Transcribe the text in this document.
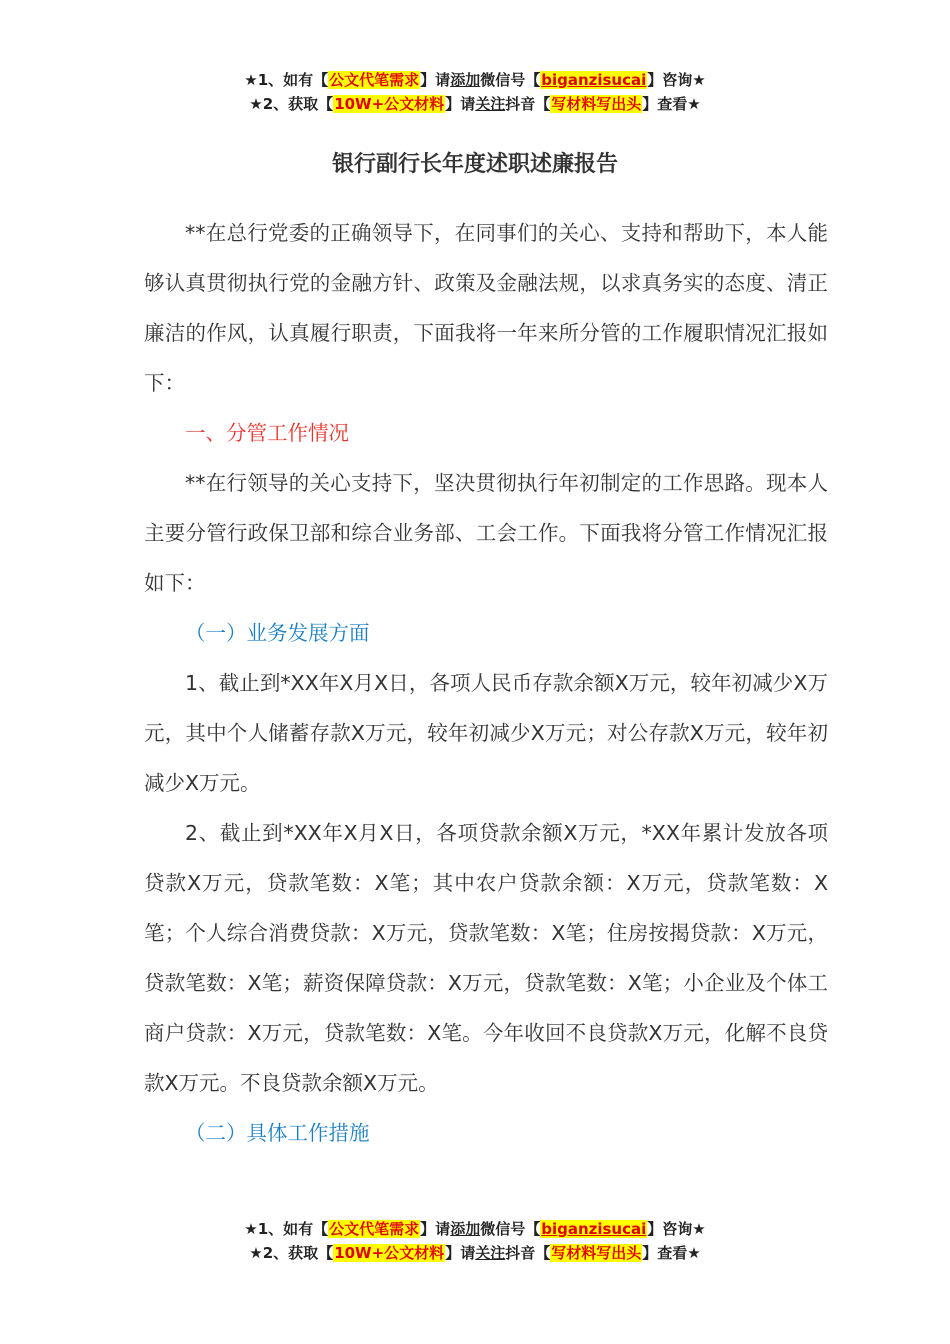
★1、如有【公文代笔需求】请添加微信号【biganzisucai】咨询★
★2、获取【10W+公文材料】请关注抖音【写材料写出头】查看★
银行副行长年度述职述廉报告

**在总行党委的正确领导下，在同事们的关心、支持和帮助下，本人能够认真贯彻执行党的金融方针、政策及金融法规，以求真务实的态度、清正廉洁的作风，认真履行职责，下面我将一年来所分管的工作履职情况汇报如下：

一、分管工作情况

**在行领导的关心支持下，坚决贯彻执行年初制定的工作思路。现本人主要分管行政保卫部和综合业务部、工会工作。下面我将分管工作情况汇报如下：

（一）业务发展方面

1、截止到*XX年X月X日，各项人民币存款余额X万元，较年初减少X万元，其中个人储蓄存款X万元，较年初减少X万元；对公存款X万元，较年初减少X万元。

2、截止到*XX年X月X日，各项贷款余额X万元，*XX年累计发放各项贷款X万元，贷款笔数：X笔；其中农户贷款余额：X万元，贷款笔数：X笔；个人综合消费贷款：X万元，贷款笔数：X笔；住房按揭贷款：X万元，贷款笔数：X笔；薪资保障贷款：X万元，贷款笔数：X笔；小企业及个体工商户贷款：X万元，贷款笔数：X笔。今年收回不良贷款X万元，化解不良贷款X万元。不良贷款余额X万元。

（二）具体工作措施

★1、如有【公文代笔需求】请添加微信号【biganzisucai】咨询★
★2、获取【10W+公文材料】请关注抖音【写材料写出头】查看★
